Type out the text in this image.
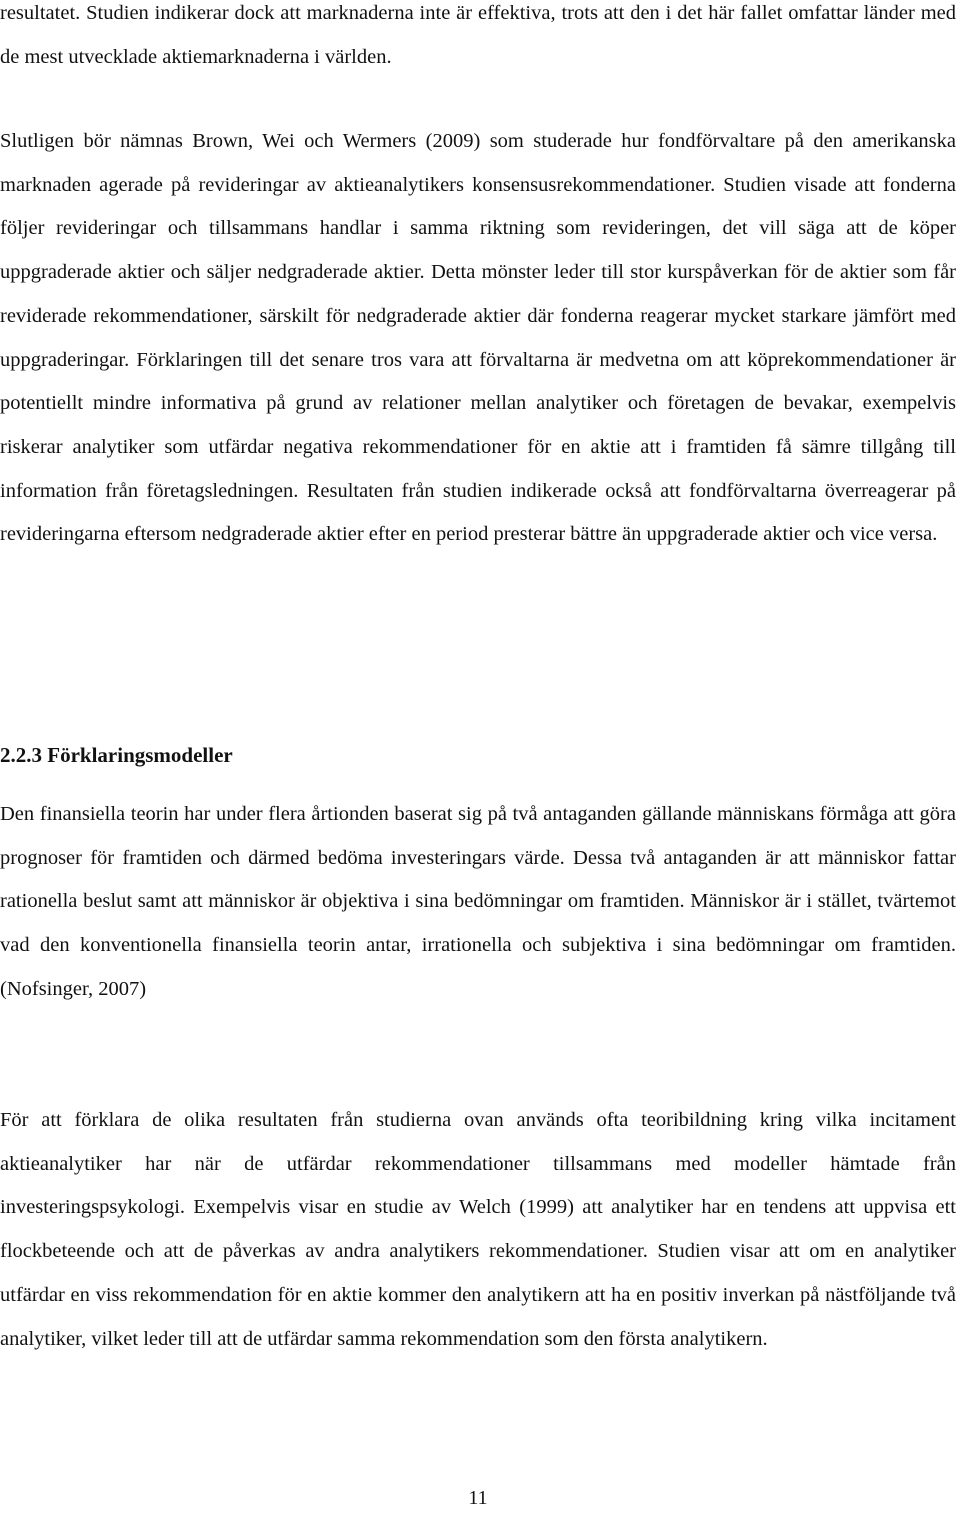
resultatet. Studien indikerar dock att marknaderna inte är effektiva, trots att den i det här fallet omfattar länder med de mest utvecklade aktiemarknaderna i världen.

Slutligen bör nämnas Brown, Wei och Wermers (2009) som studerade hur fondförvaltare på den amerikanska marknaden agerade på revideringar av aktieanalytikers konsensusrekommendationer. Studien visade att fonderna följer revideringar och tillsammans handlar i samma riktning som revideringen, det vill säga att de köper uppgraderade aktier och säljer nedgraderade aktier. Detta mönster leder till stor kurspåverkan för de aktier som får reviderade rekommendationer, särskilt för nedgraderade aktier där fonderna reagerar mycket starkare jämfört med uppgraderingar. Förklaringen till det senare tros vara att förvaltarna är medvetna om att köprekommendationer är potentiellt mindre informativa på grund av relationer mellan analytiker och företagen de bevakar, exempelvis riskerar analytiker som utfärdar negativa rekommendationer för en aktie att i framtiden få sämre tillgång till information från företagsledningen. Resultaten från studien indikerade också att fondförvaltarna överreagerar på revideringarna eftersom nedgraderade aktier efter en period presterar bättre än uppgraderade aktier och vice versa.

2.2.3 Förklaringsmodeller

Den finansiella teorin har under flera årtionden baserat sig på två antaganden gällande människans förmåga att göra prognoser för framtiden och därmed bedöma investeringars värde. Dessa två antaganden är att människor fattar rationella beslut samt att människor är objektiva i sina bedömningar om framtiden. Människor är i stället, tvärtemot vad den konventionella finansiella teorin antar, irrationella och subjektiva i sina bedömningar om framtiden. (Nofsinger, 2007)

För att förklara de olika resultaten från studierna ovan används ofta teoribildning kring vilka incitament aktieanalytiker har när de utfärdar rekommendationer tillsammans med modeller hämtade från investeringspsykologi. Exempelvis visar en studie av Welch (1999) att analytiker har en tendens att uppvisa ett flockbeteende och att de påverkas av andra analytikers rekommendationer. Studien visar att om en analytiker utfärdar en viss rekommendation för en aktie kommer den analytikern att ha en positiv inverkan på nästföljande två analytiker, vilket leder till att de utfärdar samma rekommendation som den första analytikern.

11
